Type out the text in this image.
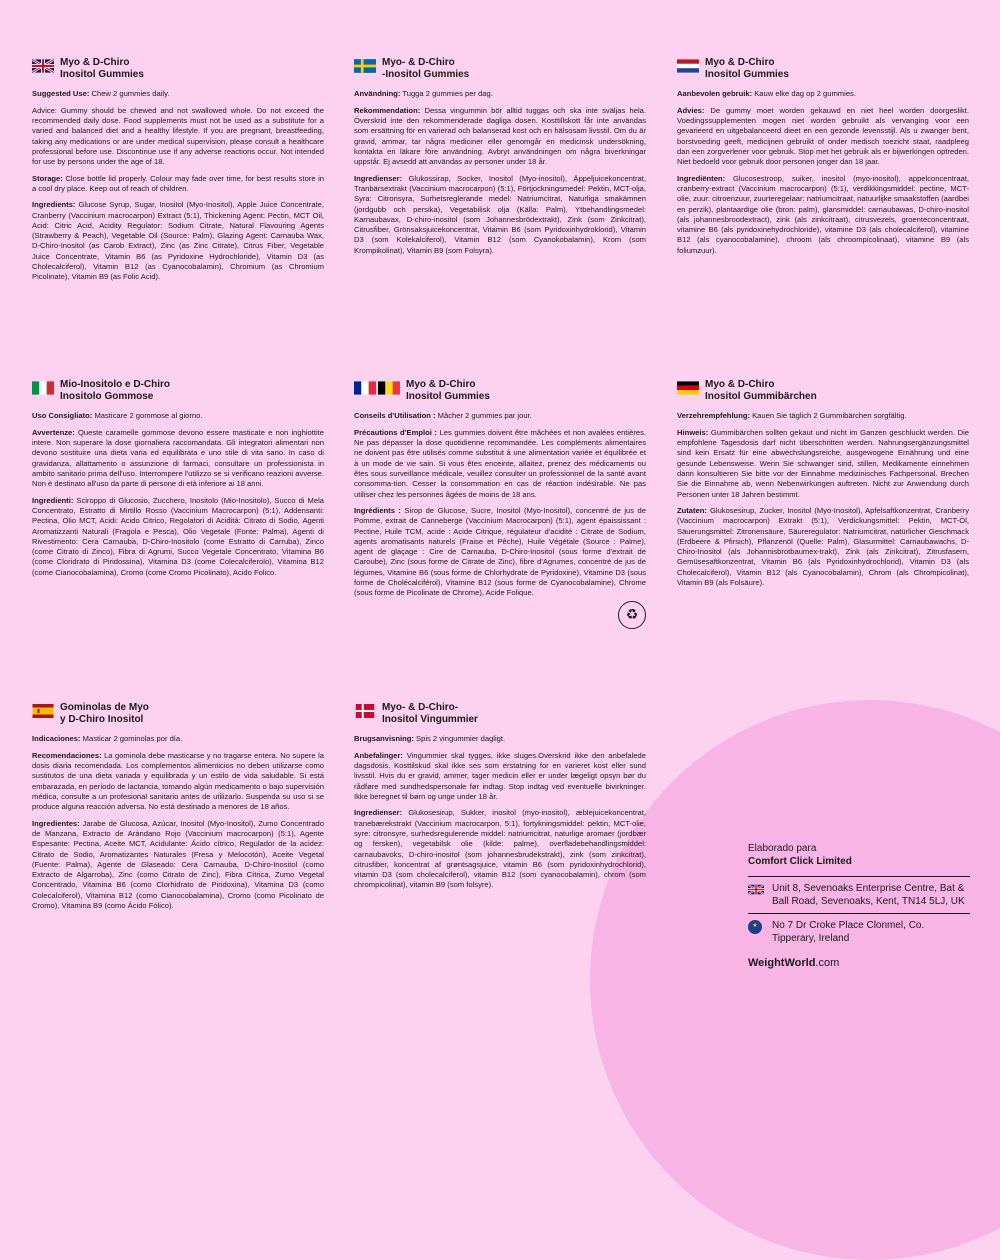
Myo & D-Chiro
Inositol Gummies

Suggested Use: Chew 2 gummies daily.

Advice: Gummy should be chewed and not swallowed whole. Do not exceed the recommended daily dose. Food supplements must not be used as a substitute for a varied and balanced diet and a healthy lifestyle. If you are pregnant, breastfeeding, taking any medications or are under medical supervision, please consult a healthcare professional before use. Discontinue use if any adverse reactions occur. Not intended for use by persons under the age of 18.

Storage: Close bottle lid properly. Colour may fade over time, for best results store in a cool dry place. Keep out of reach of children.

Ingredients: Glucose Syrup, Sugar, Inositol (Myo-Inositol), Apple Juice Concentrate, Cranberry (Vaccinium macrocarpon) Extract (5:1), Thickening Agent: Pectin, MCT Oil, Acid: Citric Acid, Acidity Regulator: Sodium Citrate, Natural Flavouring Agents (Strawberry & Peach), Vegetable Oil (Source: Palm), Glazing Agent: Carnauba Wax, D-Chiro-Inositol (as Carob Extract), Zinc (as Zinc Citrate), Citrus Fiber, Vegetable Juice Concentrate, Vitamin B6 (as Pyridoxine Hydrochloride), Vitamin D3 (as Cholecalciferol), Vitamin B12 (as Cyanocobalamin), Chromium (as Chromium Picolinate), Vitamin B9 (as Folic Acid).

Myo- & D-Chiro
-Inositol Gummies

Användning: Tugga 2 gummies per dag.

Rekommendation: Dessa vingummin bör alltid tuggas och ska inte sväljas hela. Överskrid inte den rekommenderade dagliga dosen. Kosttillskott får inte användas som ersättning för en varierad och balanserad kost och en hälsosam livsstil. Om du är gravid, ammar, tar några mediciner eller genomgår en medicinsk undersökning, kontakta en läkare före användning. Avbryt användningen om några biverkningar uppstår. Ej avsedd att användas av personer under 18 år.

Ingredienser: Glukossirap, Socker, Inositol (Myo-inositol), Äppeljuicekoncentrat, Tranbärsextrakt (Vaccinium macrocarpon) (5:1), Förtjockningsmedel: Pektin, MCT-olja, Syra: Citronsyra, Surhetsreglerande medel: Natriumcitrat, Naturliga smakämnen (jordgubb och persika), Vegetabilisk olja (Källa: Palm), Ytbehandlingsmedel: Karnaubavax, D-chiro-inositol (som Johannesbrödextrakt), Zink (som Zinkcitrat), Citrusfiber, Grönsaksjuicekoncentrat, Vitamin B6 (som Pyridoxinhydroklorid), Vitamin D3 (som Kolekalciferol), Vitamin B12 (som Cyanokobalamin), Krom (som Krompikolinat), Vitamin B9 (som Folsyra).

Myo & D-Chiro
Inositol Gummies

Aanbevolen gebruik: Kauw elke dag op 2 gummies.

Advies: De gummy moet worden gekauwd en niet heel worden doorgeslikt. Voedingssupplementen mogen niet worden gebruikt als vervanging voor een gevarieerd en uitgebalanceerd dieet en een gezonde levensstijl. Als u zwanger bent, borstvoeding geeft, medicijnen gebruikt of onder medisch toezicht staat, raadpleeg dan een zorgverlener voor gebruik. Stop met het gebruik als er bijwerkingen optreden. Niet bedoeld voor gebruik door personen jonger dan 18 jaar.

Ingrediënten: Glucosestroop, suiker, inositol (myo-inositol), appelconcentraat, cranberry-extract (Vaccinium macrocarpon) (5:1), verdikkingsmiddel: pectine, MCT-olie, zuur: citroenzuur, zuurteregelaar: natriumcitraat, natuurlijke smaakstoffen (aardbei en perzik), plantaardige olie (bron: palm), glansmiddel: carnaubawas, D-chiro-inositol (als johannesbroodextract), zink (als zinkcitraat), citrusvezels, groenteconcentraat, vitamine B6 (als pyridoxinehydrochloride), vitamine D3 (als cholecalciferol), vitamine B12 (als cyanocobalamine), chroom (als chroompicolinaat), vitamine B9 (als foliumzuur).

Mio-Inositolo e D-Chiro
Inositolo Gommose

Uso Consigliato: Masticare 2 gommose al giorno.

Avvertenze: Queste caramelle gommose devono essere masticate e non inghiottite intere. Non superare la dose giornaliera raccomandata. Gli integratori alimentari non devono sostituire una dieta varia ed equilibrata e uno stile di vita sano. In caso di gravidanza, allattamento o assunzione di farmaci, consultare un professionista in ambito sanitario prima dell'uso. Interrompere l'utilizzo se si verificano reazioni avverse. Non è destinato all'uso da parte di persone di età inferiore ai 18 anni.

Ingredienti: Sciroppo di Glucosio, Zucchero, Inositolo (Mio-Inositolo), Succo di Mela Concentrato, Estratto di Mirtillo Rosso (Vaccinium Macrocarpon) (5:1), Addensanti: Pectina, Olio MCT, Acidi: Acido Citrico, Regolatori di Acidità: Citrato di Sodio, Agenti Aromatizzanti Naturali (Fragola e Pesca), Olio Vegetale (Fonte: Palma), Agenti di Rivestimento: Cera Carnauba, D-Chiro-Inositolo (come Estratto di Carruba), Zinco (come Citrato di Zinco), Fibra di Agrumi, Succo Vegetale Concentrato, Vitamina B6 (come Cloridrato di Piridossina), Vitamina D3 (come Colecalciferolo), Vitamina B12 (come Cianocobalamina), Cromo (come Cromo Picolinato), Acido Folico.

Myo & D-Chiro
Inositol Gummies

Conseils d'Utilisation : Mâcher 2 gummies par jour.

Précautions d'Emploi : Les gummies doivent être mâchées et non avalées entières. Ne pas dépasser la dose quotidienne recommandée. Les compléments alimentaires ne doivent pas être utilisés comme substitut à une alimentation variée et équilibrée et à un mode de vie sain. Si vous êtes enceinte, allaitez, prenez des médicaments ou êtes sous surveillance médicale, veuillez consulter un professionnel de la santé avant consomma-tion. Cesser la consommation en cas de réaction indésirable. Ne pas utiliser chez les personnes âgées de moins de 18 ans.

Ingrédients : Sirop de Glucose, Sucre, Inositol (Myo-Inositol), concentré de jus de Pomme, extrait de Canneberge (Vaccinium Macrocarpon) (5:1), agent épaississant : Pectine, Huile TCM, acide : Acide Citrique, régulateur d'acidité : Citrate de Sodium, agents aromatisants naturels (Fraise et Pêche), Huile Végétale (Source : Palme), agent de glaçage : Cire de Carnauba, D-Chiro-Inositol (sous forme d'extrait de Caroube), Zinc (sous forme de Citrate de Zinc), fibre d'Agrumes, concentré de jus de légumes, Vitamine B6 (sous forme de Chlorhydrate de Pyridoxine), Vitamine D3 (sous forme de Cholécalciférol), Vitamine B12 (sous forme de Cyanocobalamine), Chrome (sous forme de Picolinate de Chrome), Acide Folique.

♻
Myo & D-Chiro
Inositol Gummibärchen

Verzehrempfehlung: Kauen Sie täglich 2 Gummibärchen sorgfältig.

Hinweis: Gummibärchen sollten gekaut und nicht im Ganzen geschluckt werden. Die empfohlene Tagesdosis darf nicht überschritten werden. Nahrungsergänzungsmittel sind kein Ersatz für eine abwechslungsreiche, ausgewogene Ernährung und eine gesunde Lebensweise. Wenn Sie schwanger sind, stillen, Medikamente einnehmen dann konsultieren Sie bitte vor der Einnahme medizinisches Fachpersonal. Brechen Sie die Einnahme ab, wenn Nebenwirkungen auftreten. Nicht zur Anwendung durch Personen unter 18 Jahren bestimmt.

Zutaten: Glukosesirup, Zucker, Inositol (Myo-Inositol), Apfelsaftkonzentrat, Cranberry (Vaccinium macrocarpon) Extrakt (5:1), Verdickungsmittel: Pektin, MCT-Öl, Säuerungsmittel: Zitronensäure, Säureregulator: Natriumcitrat, natürlicher Geschmack (Erdbeere & Pfirsich), Pflanzenöl (Quelle: Palm), Glasurmittel: Carnaubawachs, D-Chiro-Inositol (als Johannisbrotbaumex-trakt), Zink (als Zinkcitrat), Zitrusfasern, Gemüsesaftkonzentrat, Vitamin B6 (als Pyridoxinhydrochlorid), Vitamin D3 (als Cholecalciferol), Vitamin B12 (als Cyanocobalamin), Chrom (als Chrompicolinat), Vitamin B9 (als Folsäure).

Gominolas de Myo
y D-Chiro Inositol

Indicaciones: Masticar 2 gominolas por día.

Recomendaciones: La gominola debe masticarse y no tragarse entera. No supere la dosis diaria recomendada. Los complementos alimenticios no deben utilizarse como sustitutos de una dieta variada y equilibrada y un estilo de vida saludable. Si está embarazada, en período de lactancia, tomando algún medicamento o bajo supervisión médica, consulte a un profesional sanitario antes de utilizarlo. Suspenda su uso si se produce alguna reacción adversa. No está destinado a menores de 18 años.

Ingredientes: Jarabe de Glucosa, Azúcar, Inositol (Myo-Inositol), Zumo Concentrado de Manzana, Extracto de Arándano Rojo (Vaccinium macrocarpon) (5:1), Agente Espesante: Pectina, Aceite MCT, Acidulante: Ácido cítrico, Regulador de la acidez: Citrato de Sodio, Aromatizantes Naturales (Fresa y Melocotón), Aceite Vegetal (Fuente: Palma), Agente de Glaseado: Cera Carnauba, D-Chiro-Inositol (como Extracto de Algarroba), Zinc (como Citrato de Zinc), Fibra Cítrica, Zumo Vegetal Concentrado, Vitamina B6 (como Clorhidrato de Piridoxina), Vitamina D3 (como Colecalciferol), Vitamina B12 (como Cianocobalamina), Cromo (como Picolinato de Cromo), Vitamina B9 (como Ácido Fólico).

Myo- & D-Chiro-
Inositol Vingummier

Brugsanvisning: Spis 2 vingummier dagligt.

Anbefalinger: Vingummier skal tygges, ikke sluges.Overskrid ikke den anbefalede dagsdosis. Kosttilskud skal ikke ses som erstatning for en varieret kost eller sund livsstil. Hvis du er gravid, ammer, tager medicin eller er under lægeligt opsyn bør du rådføre med sundhedspersonale før indtag. Stop indtag ved eventuelle bivirkninger. Ikke beregnet til børn og unge under 18 år.

Ingredienser: Glukosesirup, Sukker, inositol (myo-inositol), æblejuicekoncentrat, tranebærekstrakt (Vaccinium macrocarpon, 5:1), fortykningsmiddel: pektin, MCT-olie, syre: citronsyre, surhedsregulerende middel: natriumcitrat, naturlige aromaer (jordbær og fersken), vegetabilsk olie (kilde: palme), overfladebehandlingsmiddel: carnaubavoks, D-chiro-inositol (som johannesbrudekstrakt), zink (som zinkcitrat), citrusfiber, koncentrat af grøntsagsjuice, vitamin B6 (som pyridoxinhydrochlorid), vitamin D3 (som cholecalciferol), vitamin B12 (som cyanocobalamin), chrom (som chrompicolinat), vitamin B9 (som folsyre).

Elaborado para

Comfort Click Limited

Unit 8, Sevenoaks Enterprise Centre, Bat & Ball Road, Sevenoaks, Kent, TN14 5LJ, UK
★	No 7 Dr Croke Place Clonmel, Co. Tipperary, Ireland
WeightWorld.com
